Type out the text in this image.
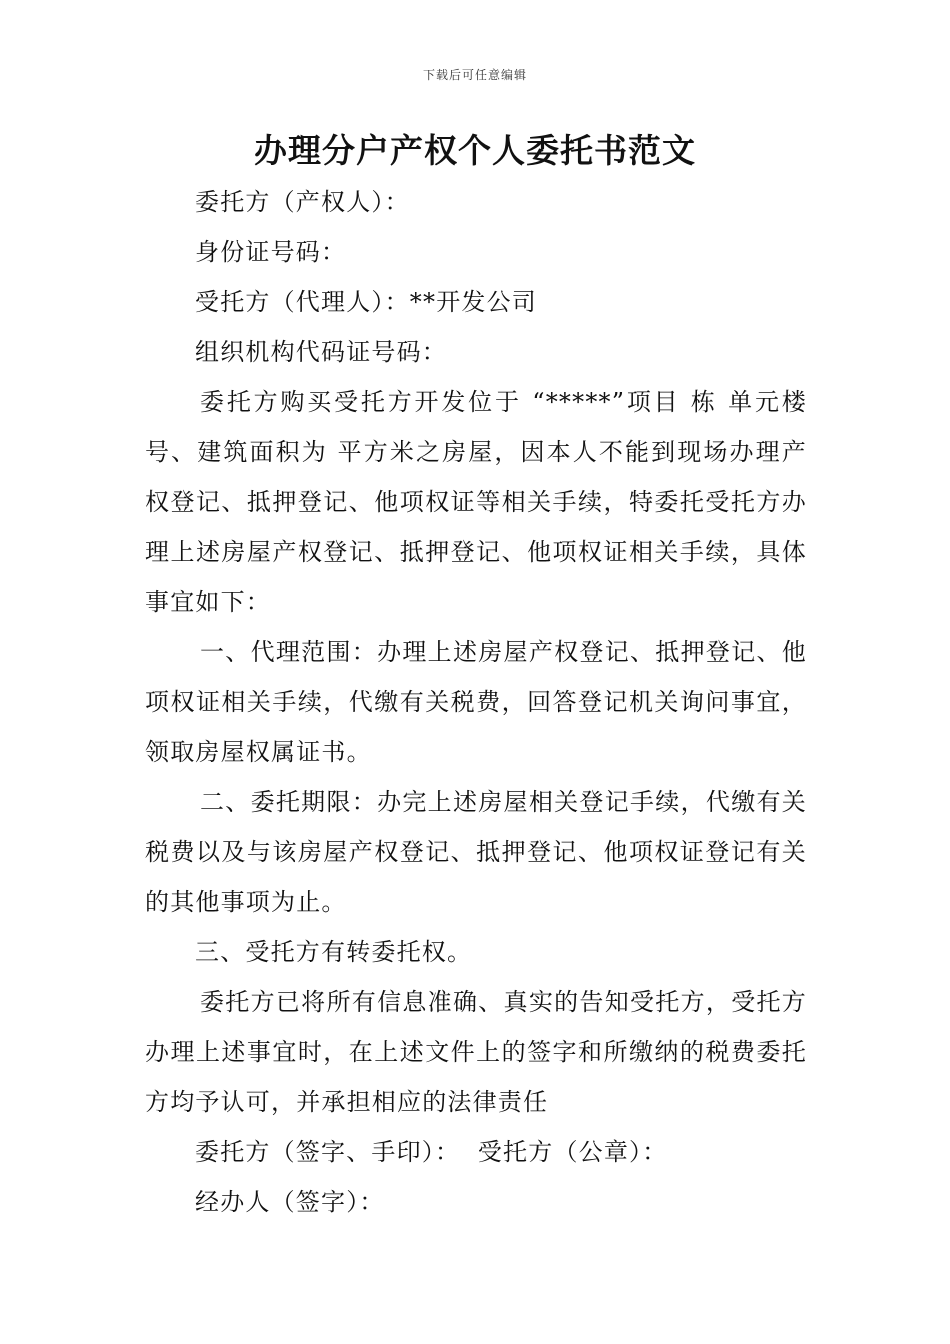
下载后可任意编辑
办理分户产权个人委托书范文
委托方（产权人）：
身份证号码：
受托方（代理人）：**开发公司
组织机构代码证号码：
委托方购买受托方开发位于 “*****”项目 栋 单元楼 号、建筑面积为 平方米之房屋，因本人不能到现场办理产权登记、抵押登记、他项权证等相关手续，特委托受托方办理上述房屋产权登记、抵押登记、他项权证相关手续，具体事宜如下：
一、代理范围：办理上述房屋产权登记、抵押登记、他项权证相关手续，代缴有关税费，回答登记机关询问事宜，领取房屋权属证书。
二、委托期限：办完上述房屋相关登记手续，代缴有关税费以及与该房屋产权登记、抵押登记、他项权证登记有关的其他事项为止。
三、受托方有转委托权。
委托方已将所有信息准确、真实的告知受托方，受托方办理上述事宜时，在上述文件上的签字和所缴纳的税费委托方均予认可，并承担相应的法律责任
委托方（签字、手印）：  受托方（公章）：
经办人（签字）：
